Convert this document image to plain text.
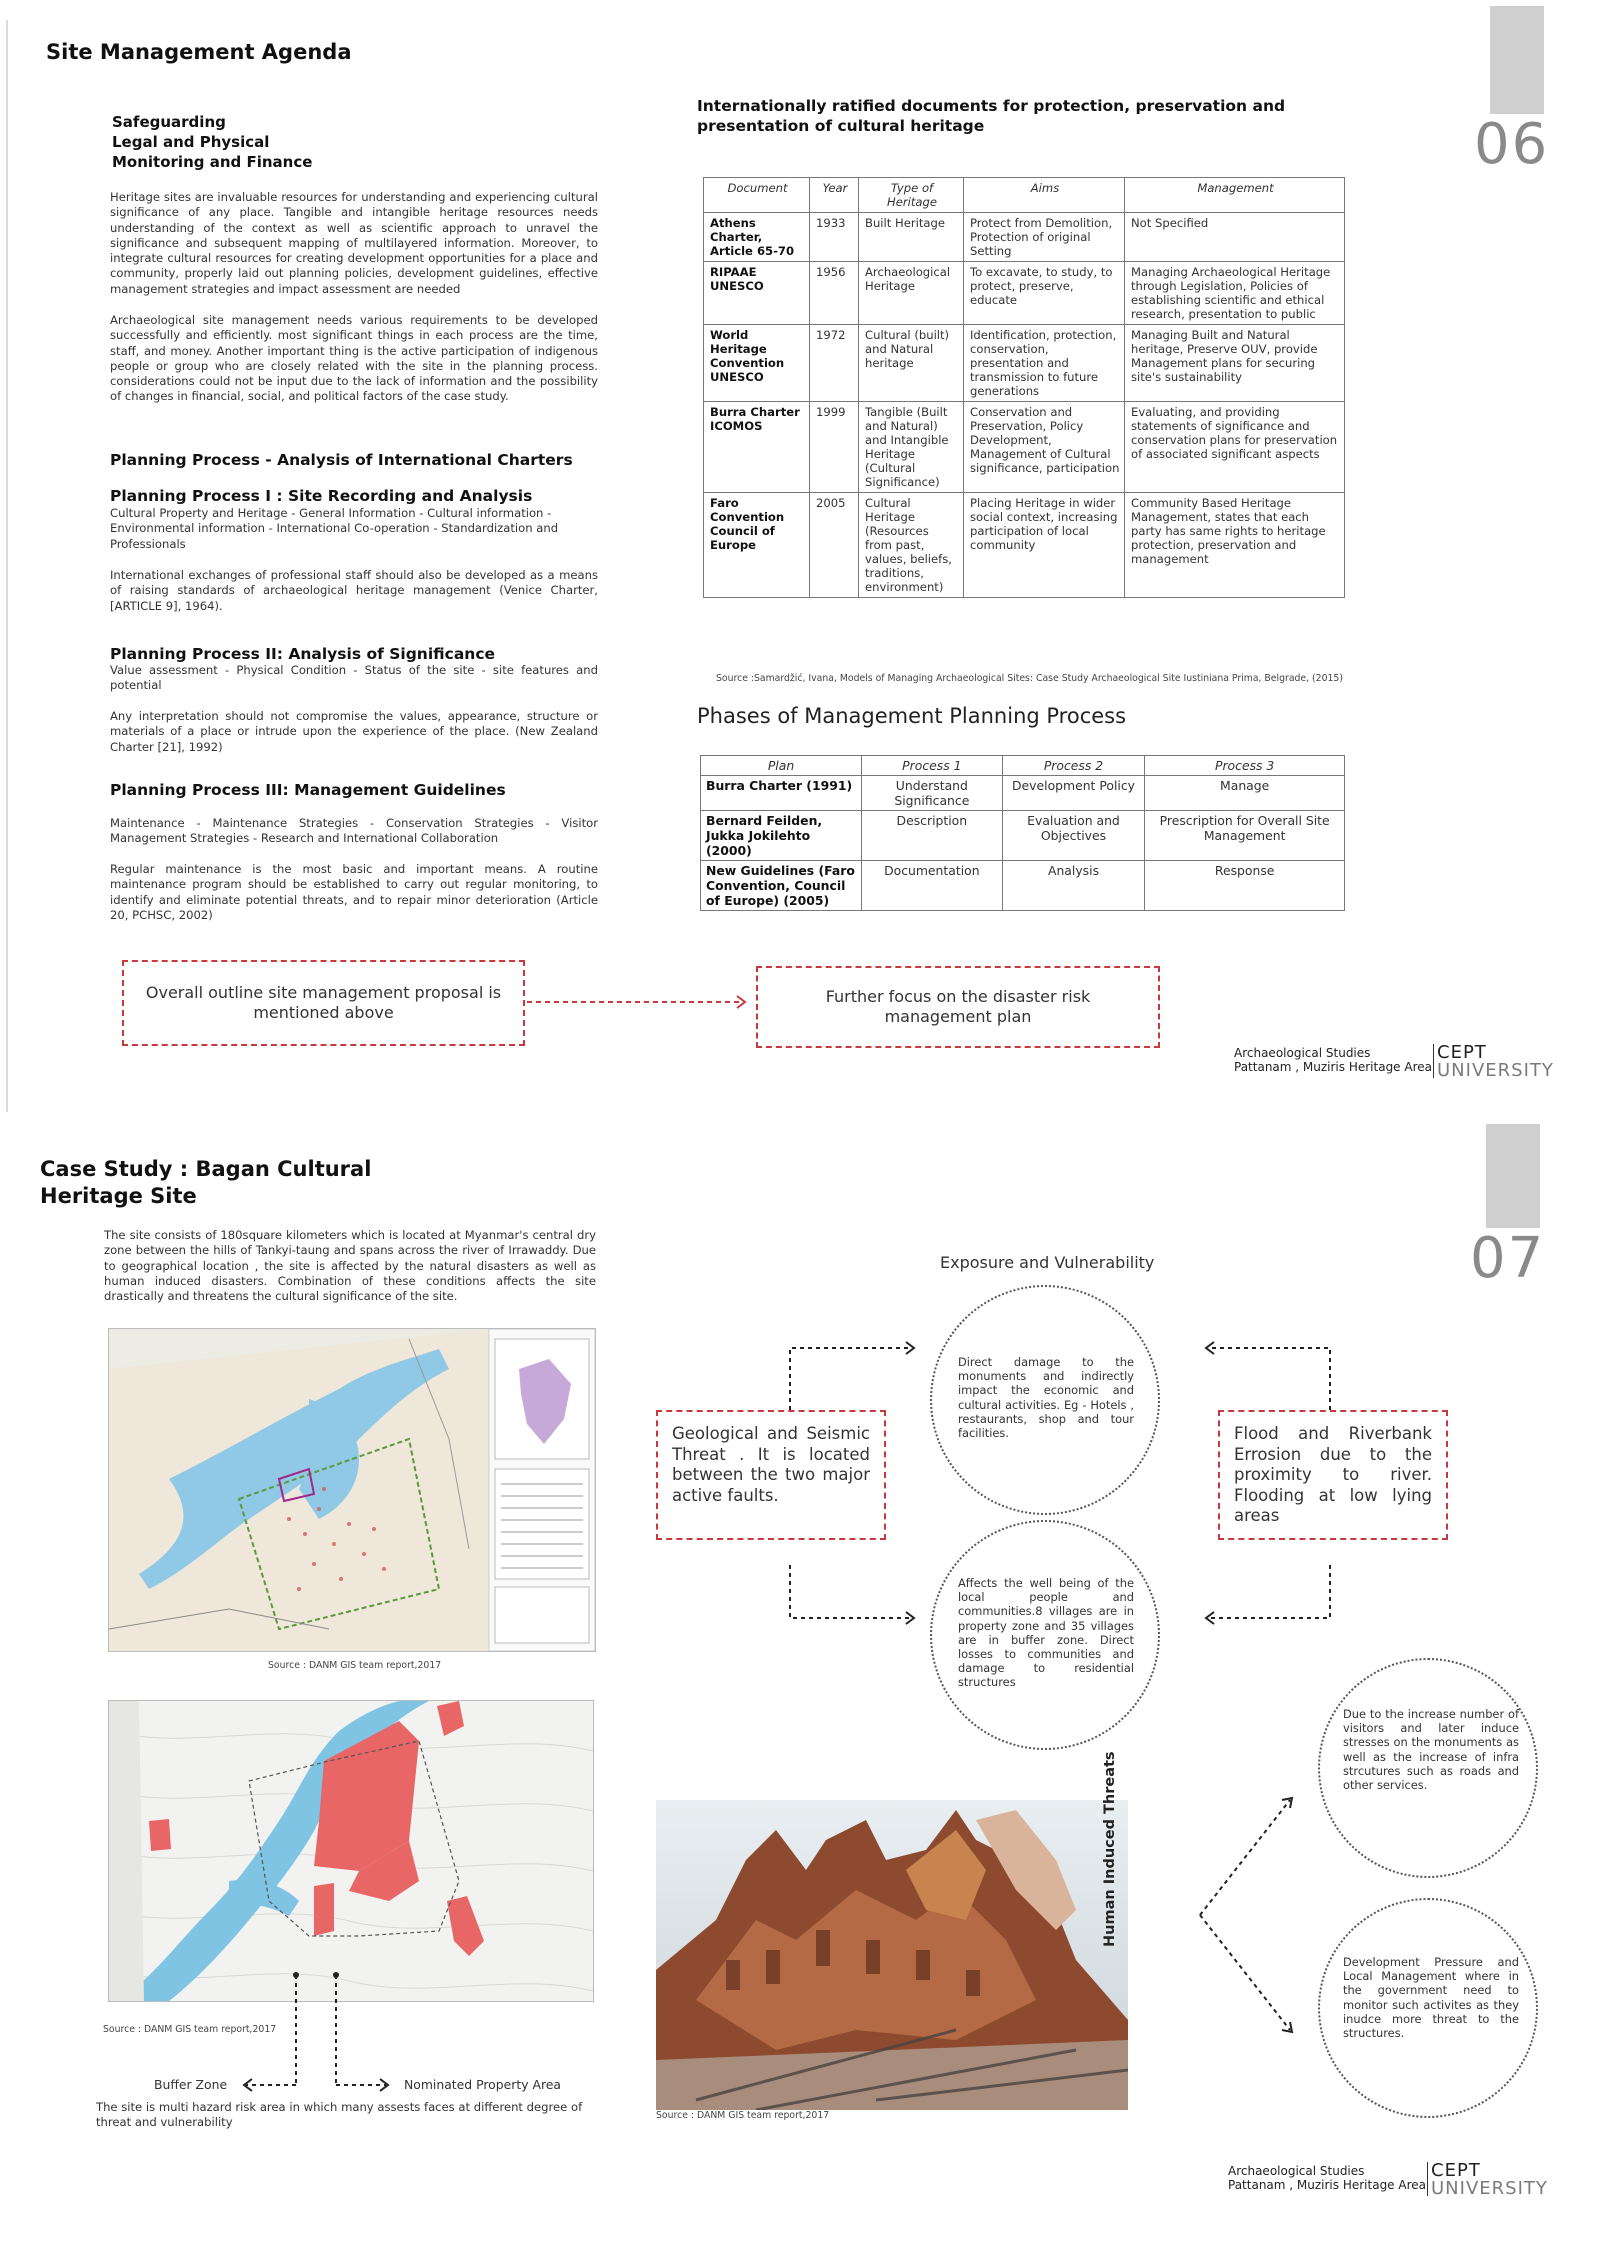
Site Management Agenda
Safeguarding
Legal and Physical
Monitoring and Finance
Heritage sites are invaluable resources for understanding and experiencing cultural significance of any place. Tangible and intangible heritage resources needs understanding of the context as well as scientific approach to unravel the significance and subsequent mapping of multilayered information. Moreover, to integrate cultural resources for creating development opportunities for a place and community, properly laid out planning policies, development guidelines, effective management strategies and impact assessment are needed
Archaeological site management needs various requirements to be developed successfully and efficiently. most significant things in each process are the time, staff, and money. Another important thing is the active participation of indigenous people or group who are closely related with the site in the planning process. considerations could not be input due to the lack of information and the possibility of changes in financial, social, and political factors of the case study.
Planning Process - Analysis of International Charters
Planning Process I : Site Recording and Analysis
Cultural Property and Heritage - General Information - Cultural information - Environmental information - International Co-operation - Standardization and Professionals
International exchanges of professional staff should also be developed as a means of raising standards of archaeological heritage management (Venice Charter, [ARTICLE 9], 1964).
Planning Process II: Analysis of Significance
Value assessment - Physical Condition - Status of the site - site features and potential
Any interpretation should not compromise the values, appearance, structure or materials of a place or intrude upon the experience of the place. (New Zealand Charter [21], 1992)
Planning Process III: Management Guidelines
Maintenance - Maintenance Strategies - Conservation Strategies - Visitor Management Strategies - Research and International Collaboration
Regular maintenance is the most basic and important means. A routine maintenance program should be established to carry out regular monitoring, to identify and eliminate potential threats, and to repair minor deterioration (Article 20, PCHSC, 2002)
Internationally ratified documents for protection, preservation and presentation of cultural heritage	06
Document	Year	Type of Heritage	Aims	Management
Athens Charter, Article 65-70	1933	Built Heritage	Protect from Demolition, Protection of original Setting	Not Specified
RIPAAE UNESCO	1956	Archaeological Heritage	To excavate, to study, to protect, preserve, educate	Managing Archaeological Heritage through Legislation, Policies of establishing scientific and ethical research, presentation to public
World Heritage Convention UNESCO	1972	Cultural (built) and Natural heritage	Identification, protection, conservation, presentation and transmission to future generations	Managing Built and Natural heritage, Preserve OUV, provide Management plans for securing site's sustainability
Burra Charter ICOMOS	1999	Tangible (Built and Natural) and Intangible Heritage (Cultural Significance)	Conservation and Preservation, Policy Development, Management of Cultural significance, participation	Evaluating, and providing statements of significance and conservation plans for preservation of associated significant aspects
Faro Convention Council of Europe	2005	Cultural Heritage (Resources from past, values, beliefs, traditions, environment)	Placing Heritage in wider social context, increasing participation of local community	Community Based Heritage Management, states that each party has same rights to heritage protection, preservation and management
Source :Samardžić, Ivana, Models of Managing Archaeological Sites: Case Study Archaeological Site Iustiniana Prima, Belgrade, (2015)
Phases of Management Planning Process
Plan	Process 1	Process 2	Process 3
Burra Charter (1991)	Understand Significance	Development Policy	Manage
Bernard Feilden, Jukka Jokilehto (2000)	Description	Evaluation and Objectives	Prescription for Overall Site Management
New Guidelines (Faro Convention, Council of Europe) (2005)	Documentation	Analysis	Response
Overall outline site management proposal is mentioned above
Further focus on the disaster risk management plan
Archaeological Studies
Pattanam , Muziris Heritage Area
CEPT
UNIVERSITY
Case Study : Bagan Cultural
Heritage Site
07
The site consists of 180square kilometers which is located at Myanmar's central dry zone between the hills of Tankyi-taung and spans across the river of Irrawaddy. Due to geographical location , the site is affected by the natural disasters as well as human induced disasters. Combination of these conditions affects the site drastically and threatens the cultural significance of the site.
Source : DANM GIS team report,2017
Source : DANM GIS team report,2017
Buffer Zone	Nominated Property Area
The site is multi hazard risk area in which many assests faces at different degree of threat and vulnerability
Exposure and Vulnerability
Direct damage to the monuments and indirectly impact the economic and cultural activities. Eg - Hotels , restaurants, shop and tour facilities.
Affects the well being of the local people and communities.8 villages are in property zone and 35 villages are in buffer zone. Direct losses to communities and damage to residential structures
Geological and Seismic Threat . It is located between the two major active faults.
Flood and Riverbank Errosion due to the proximity to river. Flooding at low lying areas
Source : DANM GIS team report,2017
Human Induced Threats
Due to the increase number of visitors and later induce stresses on the monuments as well as the increase of infra strcutures such as roads and other services.
Development Pressure and Local Management where in the government need to monitor such activites as they inudce more threat to the structures.
Archaeological Studies
Pattanam , Muziris Heritage Area
CEPT
UNIVERSITY
